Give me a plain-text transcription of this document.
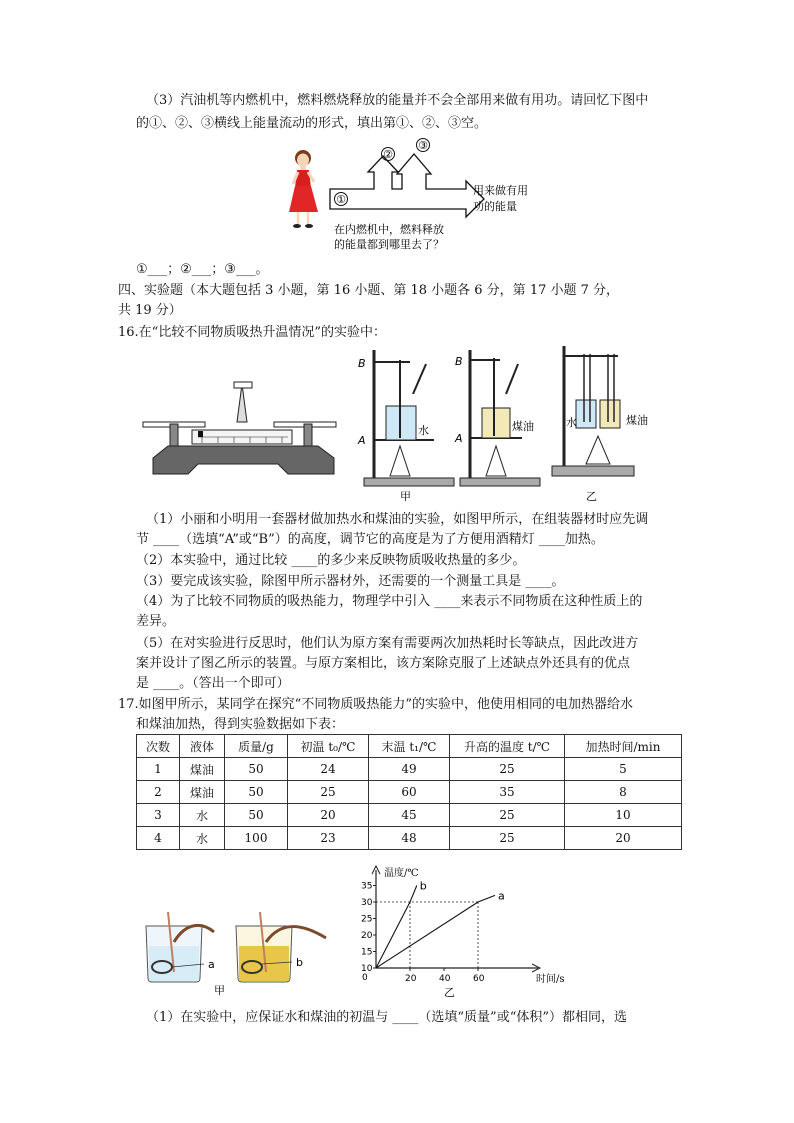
（3）汽油机等内燃机中，燃料燃烧释放的能量并不会全部用来做有用功。请回忆下图中
的①、②、③横线上能量流动的形式，填出第①、②、③空。
①
②
③
用来做有用
功的能量
在内燃机中，燃料释放
的能量都到哪里去了？
①___；②___；③___。
四、实验题（本大题包括 3 小题，第 16 小题、第 18 小题各 6 分，第 17 小题 7 分，
共 19 分）
16.在“比较不同物质吸热升温情况”的实验中：
B
A
水
B
A
煤油
甲
水	煤油
乙
（1）小丽和小明用一套器材做加热水和煤油的实验，如图甲所示，在组装器材时应先调
节 ____（选填“A”或“B”）的高度，调节它的高度是为了方便用酒精灯 ____加热。
（2）本实验中，通过比较 ____的多少来反映物质吸收热量的多少。
（3）要完成该实验，除图甲所示器材外，还需要的一个测量工具是 ____。
（4）为了比较不同物质的吸热能力，物理学中引入 ____来表示不同物质在这种性质上的
差异。
（5）在对实验进行反思时，他们认为原方案有需要两次加热耗时长等缺点，因此改进方
案并设计了图乙所示的装置。与原方案相比，该方案除克服了上述缺点外还具有的优点
是 ____。（答出一个即可）
17.如图甲所示，某同学在探究“不同物质吸热能力”的实验中，他使用相同的电加热器给水
和煤油加热，得到实验数据如下表：
次数	液体	质量/g	初温 t₀/℃	末温 t₁/℃	升高的温度 t/℃	加热时间/min
1	煤油	50	24	49	25	5
2	煤油	50	25	60	35	8
3	水	50	20	45	25	10
4	水	100	23	48	25	20
a	b
甲
温度/℃
时间/s
0
35
30
25
20
15
10
20	40	60
a
b
乙
（1）在实验中，应保证水和煤油的初温与 ____（选填“质量”或“体积”）都相同，选
